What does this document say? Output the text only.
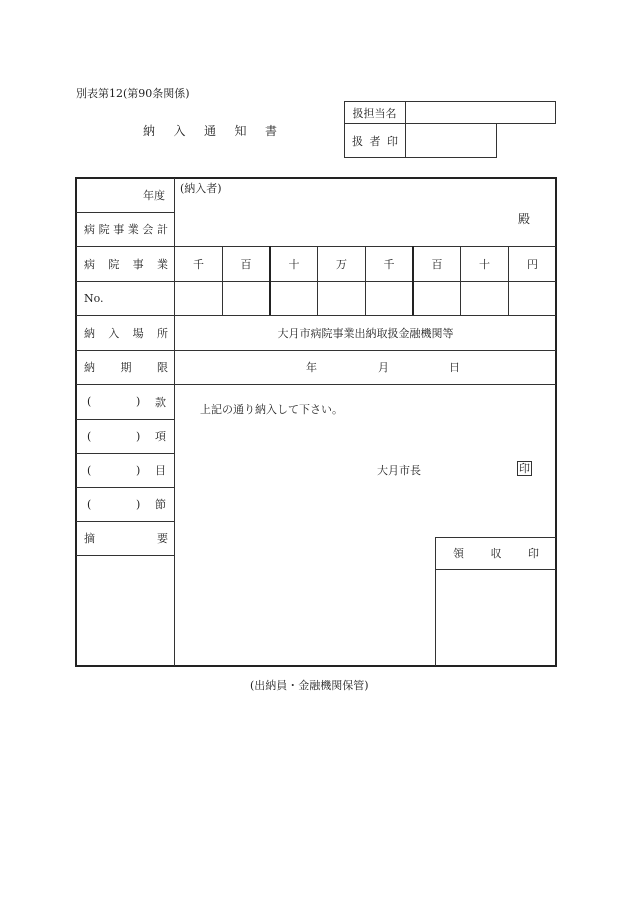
別表第12(第90条関係)
納 入 通 知 書
扱担当名
扱 者 印
年度
病 院 事 業 会 計
(納入者)
殿
病 院 事 業	千	百	十	万	千	百	十	円
No.
納 入 場 所	大月市病院事業出納取扱金融機関等
納 期 限	年	月	日
(	) 款
(	) 項
(	) 目
(	) 節
摘	要
上記の通り納入して下さい。
大月市長	印
領 収 印
(出納員・金融機関保管)
